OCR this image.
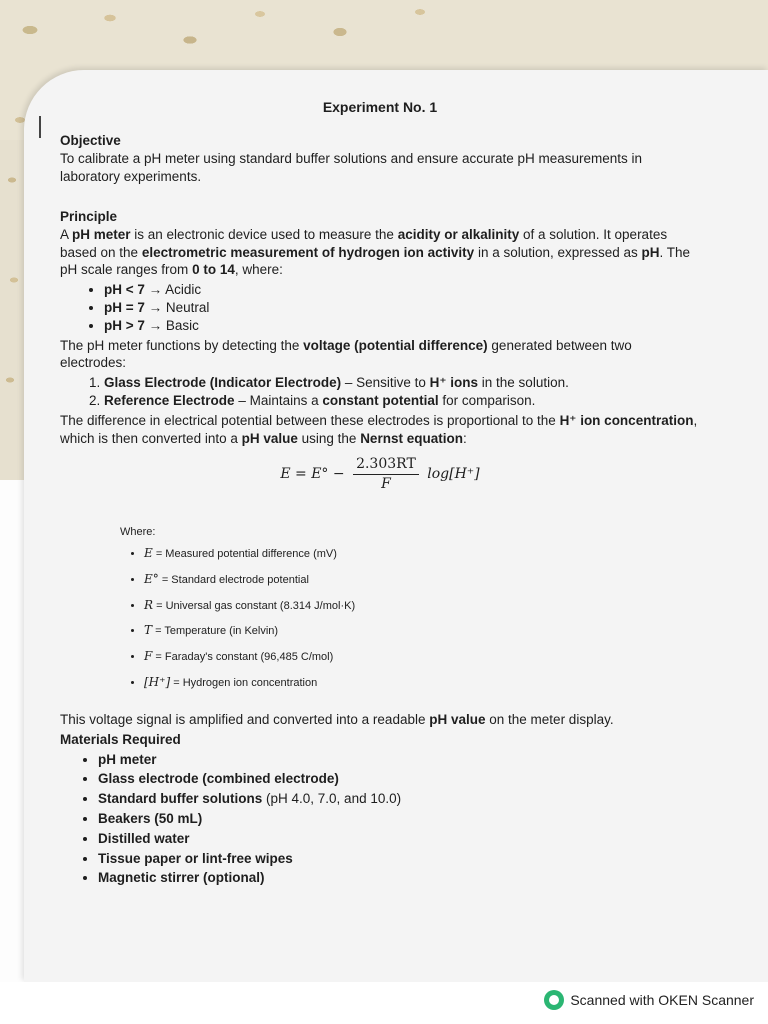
Experiment No. 1
Objective

To calibrate a pH meter using standard buffer solutions and ensure accurate pH measurements in laboratory experiments.

Principle

A pH meter is an electronic device used to measure the acidity or alkalinity of a solution. It operates based on the electrometric measurement of hydrogen ion activity in a solution, expressed as pH. The pH scale ranges from 0 to 14, where:

• pH < 7 → Acidic
• pH = 7 → Neutral
• pH > 7 → Basic

The pH meter functions by detecting the voltage (potential difference) generated between two electrodes:

1. Glass Electrode (Indicator Electrode) – Sensitive to H⁺ ions in the solution.
2. Reference Electrode – Maintains a constant potential for comparison.

The difference in electrical potential between these electrodes is proportional to the H⁺ ion concentration, which is then converted into a pH value using the Nernst equation:

$E = E^\circ - \frac{2.303RT}{F} \log[H^+]$
Where:
• E = Measured potential difference (mV)
• E° = Standard electrode potential
• R = Universal gas constant (8.314 J/mol·K)
• T = Temperature (in Kelvin)
• F = Faraday's constant (96,485 C/mol)
• [H⁺] = Hydrogen ion concentration

This voltage signal is amplified and converted into a readable pH value on the meter display.

Materials Required
• pH meter
• Glass electrode (combined electrode)
• Standard buffer solutions (pH 4.0, 7.0, and 10.0)
• Beakers (50 mL)
• Distilled water
• Tissue paper or lint-free wipes
• Magnetic stirrer (optional)
Scanned with OKEN Scanner
